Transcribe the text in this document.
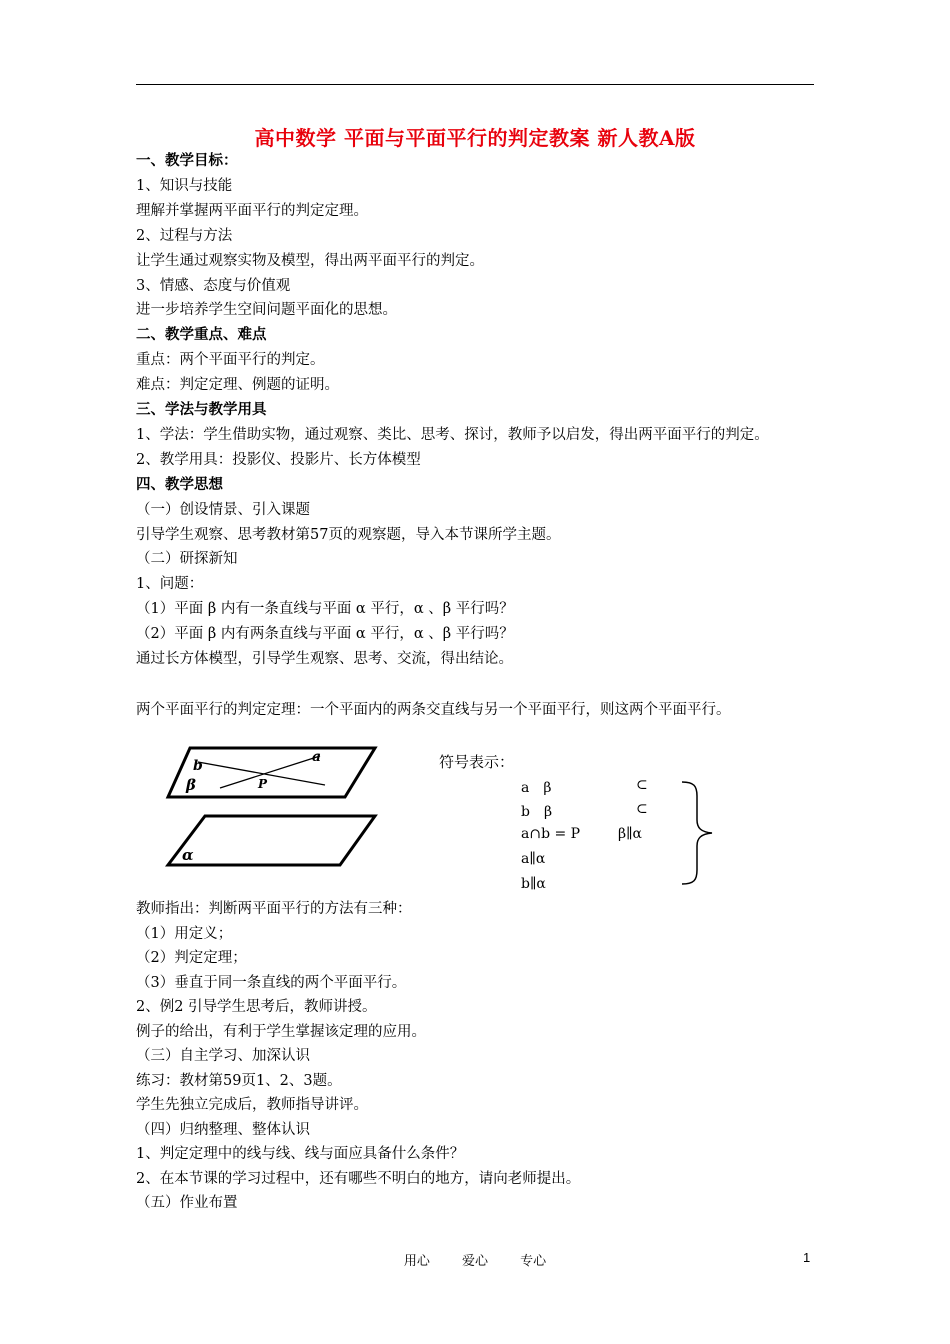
高中数学 平面与平面平行的判定教案 新人教A版
一、教学目标：
1、知识与技能
理解并掌握两平面平行的判定定理。
2、过程与方法
让学生通过观察实物及模型，得出两平面平行的判定。
3、情感、态度与价值观
进一步培养学生空间问题平面化的思想。
二、教学重点、难点
重点：两个平面平行的判定。
难点：判定定理、例题的证明。
三、学法与教学用具
1、学法：学生借助实物，通过观察、类比、思考、探讨，教师予以启发，得出两平面平行的判定。
2、教学用具：投影仪、投影片、长方体模型
四、教学思想
（一）创设情景、引入课题
引导学生观察、思考教材第57页的观察题，导入本节课所学主题。
（二）研探新知
1、问题：
（1）平面 β 内有一条直线与平面 α 平行，α 、β 平行吗？
（2）平面 β 内有两条直线与平面 α 平行，α 、β 平行吗？
通过长方体模型，引导学生观察、思考、交流，得出结论。
两个平面平行的判定定理：一个平面内的两条交直线与另一个平面平行，则这两个平面平行。
a
b
β	P
α
符号表示：
a　β	⊂
b　β	⊂
a∩b = P	β∥α
a∥α
b∥α
教师指出：判断两平面平行的方法有三种：
（1）用定义；
（2）判定定理；
（3）垂直于同一条直线的两个平面平行。
2、例2 引导学生思考后，教师讲授。
例子的给出，有利于学生掌握该定理的应用。
（三）自主学习、加深认识
练习：教材第59页1、2、3题。
学生先独立完成后，教师指导讲评。
（四）归纳整理、整体认识
1、判定定理中的线与线、线与面应具备什么条件？
2、在本节课的学习过程中，还有哪些不明白的地方，请向老师提出。
（五）作业布置
用心 爱心 专心	1
